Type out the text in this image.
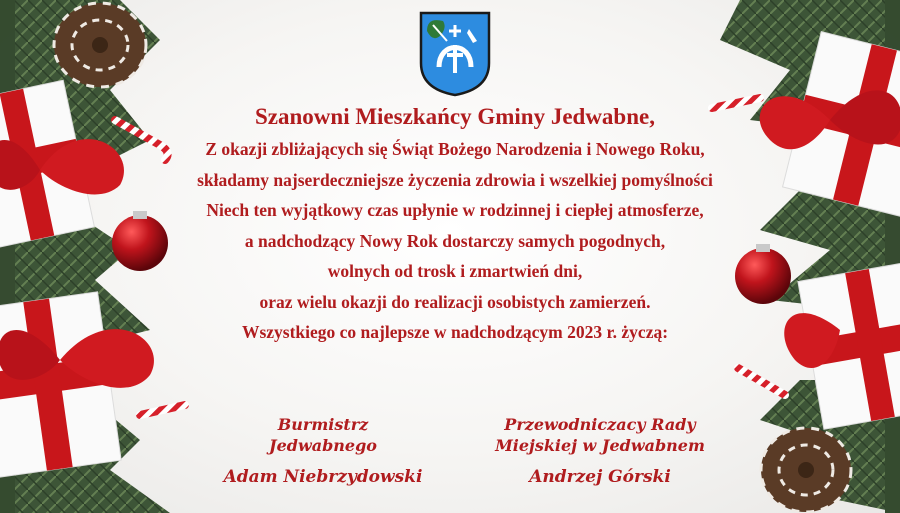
Szanowni Mieszkańcy Gminy Jedwabne,

Z okazji zbliżających się Świąt Bożego Narodzenia i Nowego Roku,

składamy najserdeczniejsze życzenia zdrowia i wszelkiej pomyślności

Niech ten wyjątkowy czas upłynie w rodzinnej i ciepłej atmosferze,

a nadchodzący Nowy Rok dostarczy samych pogodnych,

wolnych od trosk i zmartwień dni,

oraz wielu okazji do realizacji osobistych zamierzeń.

Wszystkiego co najlepsze w nadchodzącym 2023 r. życzą:

Burmistrz

Jedwabnego

Adam Niebrzydowski

Przewodniczacy Rady

Miejskiej w Jedwabnem

Andrzej Górski
